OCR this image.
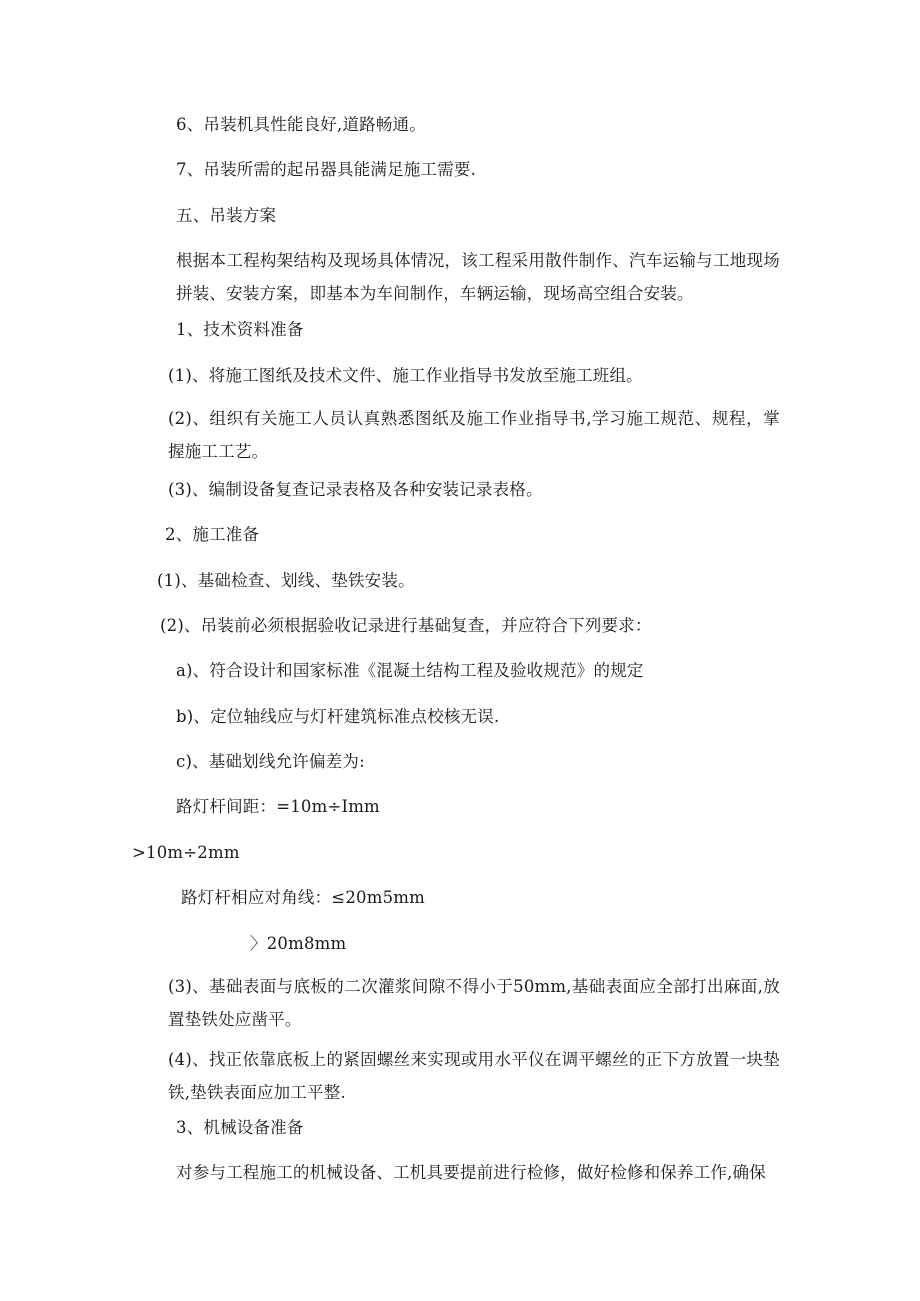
6、吊装机具性能良好,道路畅通。
7、吊装所需的起吊器具能满足施工需要.
五、吊装方案
根据本工程构架结构及现场具体情况，该工程采用散件制作、汽车运输与工地现场拼装、安装方案，即基本为车间制作，车辆运输，现场高空组合安装。
1、技术资料准备
(1)、将施工图纸及技术文件、施工作业指导书发放至施工班组。
(2)、组织有关施工人员认真熟悉图纸及施工作业指导书,学习施工规范、规程，掌握施工工艺。
(3)、编制设备复查记录表格及各种安装记录表格。
2、施工准备
(1)、基础检查、划线、垫铁安装。
(2)、吊装前必须根据验收记录进行基础复查，并应符合下列要求：
a)、符合设计和国家标准《混凝土结构工程及验收规范》的规定
b)、定位轴线应与灯杆建筑标准点校核无误.
c)、基础划线允许偏差为:
路灯杆间距：=10m÷Imm
>10m÷2mm
路灯杆相应对角线：≤20m5mm
〉20m8mm
(3)、基础表面与底板的二次灌浆间隙不得小于50mm,基础表面应全部打出麻面,放置垫铁处应凿平。
(4)、找正依靠底板上的紧固螺丝来实现或用水平仪在调平螺丝的正下方放置一块垫铁,垫铁表面应加工平整.
3、机械设备准备
对参与工程施工的机械设备、工机具要提前进行检修，做好检修和保养工作,确保
